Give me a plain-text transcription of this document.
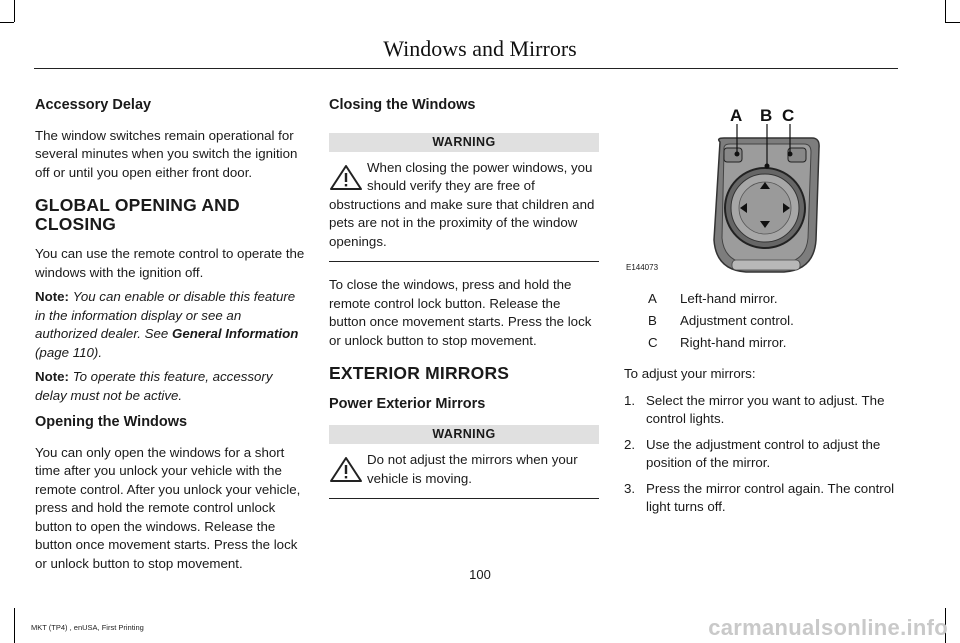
Windows and Mirrors
Accessory Delay

The window switches remain operational for several minutes when you switch the ignition off or until you open either front door.

GLOBAL OPENING AND CLOSING

You can use the remote control to operate the windows with the ignition off.

Note: You can enable or disable this feature in the information display or see an authorized dealer. See General Information (page 110).

Note: To operate this feature, accessory delay must not be active.

Opening the Windows

You can only open the windows for a short time after you unlock your vehicle with the remote control. After you unlock your vehicle, press and hold the remote control unlock button to open the windows. Release the button once movement starts. Press the lock or unlock button to stop movement.

Closing the Windows
WARNING
When closing the power windows, you should verify they are free of obstructions and make sure that children and pets are not in the proximity of the window openings.

To close the windows, press and hold the remote control lock button. Release the button once movement starts. Press the lock or unlock button to stop movement.

EXTERIOR MIRRORS
Power Exterior Mirrors
WARNING
Do not adjust the mirrors when your vehicle is moving.
A B C
E144073
A	Left-hand mirror.
B	Adjustment control.
C	Right-hand mirror.

To adjust your mirrors:

1. Select the mirror you want to adjust. The control lights.
2. Use the adjustment control to adjust the position of the mirror.
3. Press the mirror control again. The control light turns off.
100
MKT (TP4) , enUSA, First Printing	carmanualsonline.info
